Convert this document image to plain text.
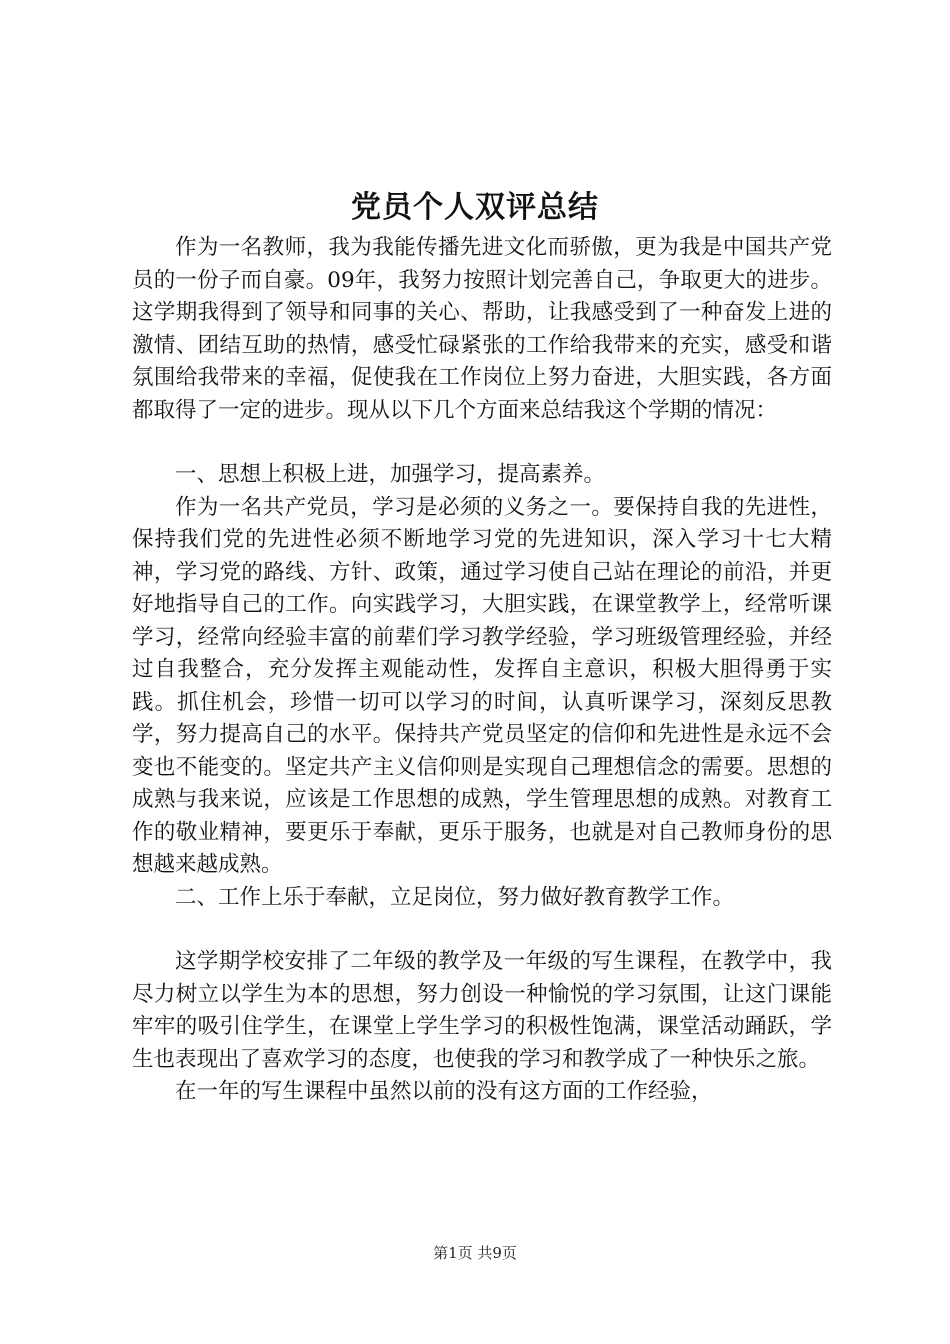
党员个人双评总结

作为一名教师，我为我能传播先进文化而骄傲，更为我是中国共产党员的一份子而自豪。09年，我努力按照计划完善自己，争取更大的进步。这学期我得到了领导和同事的关心、帮助，让我感受到了一种奋发上进的激情、团结互助的热情，感受忙碌紧张的工作给我带来的充实，感受和谐氛围给我带来的幸福，促使我在工作岗位上努力奋进，大胆实践，各方面都取得了一定的进步。现从以下几个方面来总结我这个学期的情况：

一、思想上积极上进，加强学习，提高素养。

作为一名共产党员，学习是必须的义务之一。要保持自我的先进性，保持我们党的先进性必须不断地学习党的先进知识，深入学习十七大精神，学习党的路线、方针、政策，通过学习使自己站在理论的前沿，并更好地指导自己的工作。向实践学习，大胆实践，在课堂教学上，经常听课学习，经常向经验丰富的前辈们学习教学经验，学习班级管理经验，并经过自我整合，充分发挥主观能动性，发挥自主意识，积极大胆得勇于实践。抓住机会，珍惜一切可以学习的时间，认真听课学习，深刻反思教学，努力提高自己的水平。保持共产党员坚定的信仰和先进性是永远不会变也不能变的。坚定共产主义信仰则是实现自己理想信念的需要。思想的成熟与我来说，应该是工作思想的成熟，学生管理思想的成熟。对教育工作的敬业精神，要更乐于奉献，更乐于服务，也就是对自己教师身份的思想越来越成熟。

二、工作上乐于奉献，立足岗位，努力做好教育教学工作。

这学期学校安排了二年级的教学及一年级的写生课程，在教学中，我尽力树立以学生为本的思想，努力创设一种愉悦的学习氛围，让这门课能牢牢的吸引住学生，在课堂上学生学习的积极性饱满，课堂活动踊跃，学生也表现出了喜欢学习的态度，也使我的学习和教学成了一种快乐之旅。

在一年的写生课程中虽然以前的没有这方面的工作经验，

第1页 共9页
